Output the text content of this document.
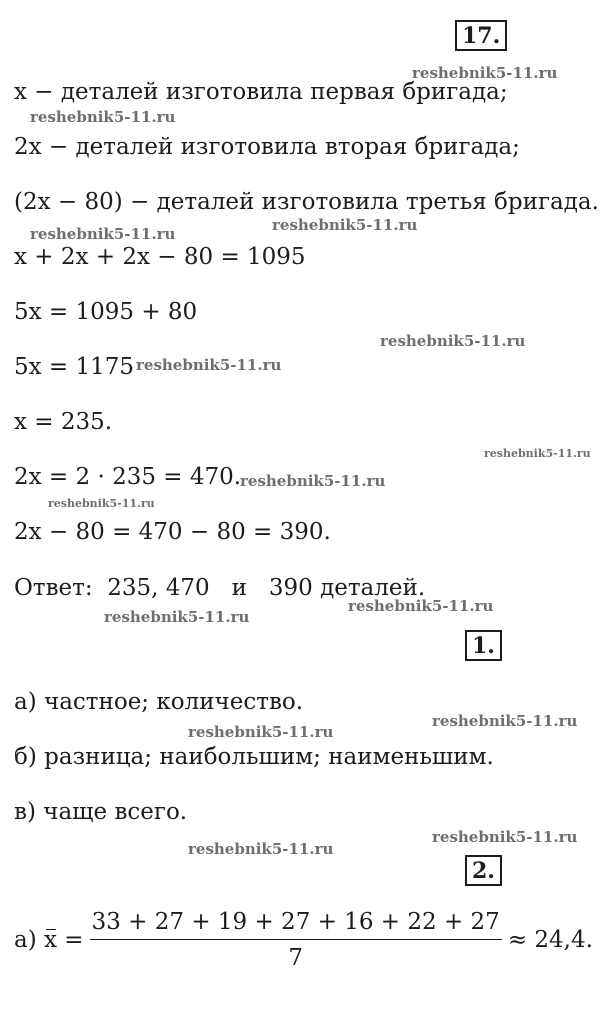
17.
x − деталей изготовила первая бригада;
2x − деталей изготовила вторая бригада;
(2x − 80) − деталей изготовила третья бригада.
x + 2x + 2x − 80 = 1095
5x = 1095 + 80
5x = 1175
x = 235.
2x = 2 · 235 = 470.
2x − 80 = 470 − 80 = 390.
Ответ:  235, 470   и   390 деталей.
1.
а) частное; количество.
б) разница; наибольшим; наименьшим.
в) чаще всего.
2.
а) $x = \frac{33 + 27 + 19 + 27 + 16 + 22 + 27}{7} \approx 24,4$.
reshebnik5-11.ru
reshebnik5-11.ru
reshebnik5-11.ru
reshebnik5-11.ru
reshebnik5-11.ru
reshebnik5-11.ru
reshebnik5-11.ru
reshebnik5-11.ru
reshebnik5-11.ru
reshebnik5-11.ru
reshebnik5-11.ru
reshebnik5-11.ru
reshebnik5-11.ru
reshebnik5-11.ru
reshebnik5-11.ru
